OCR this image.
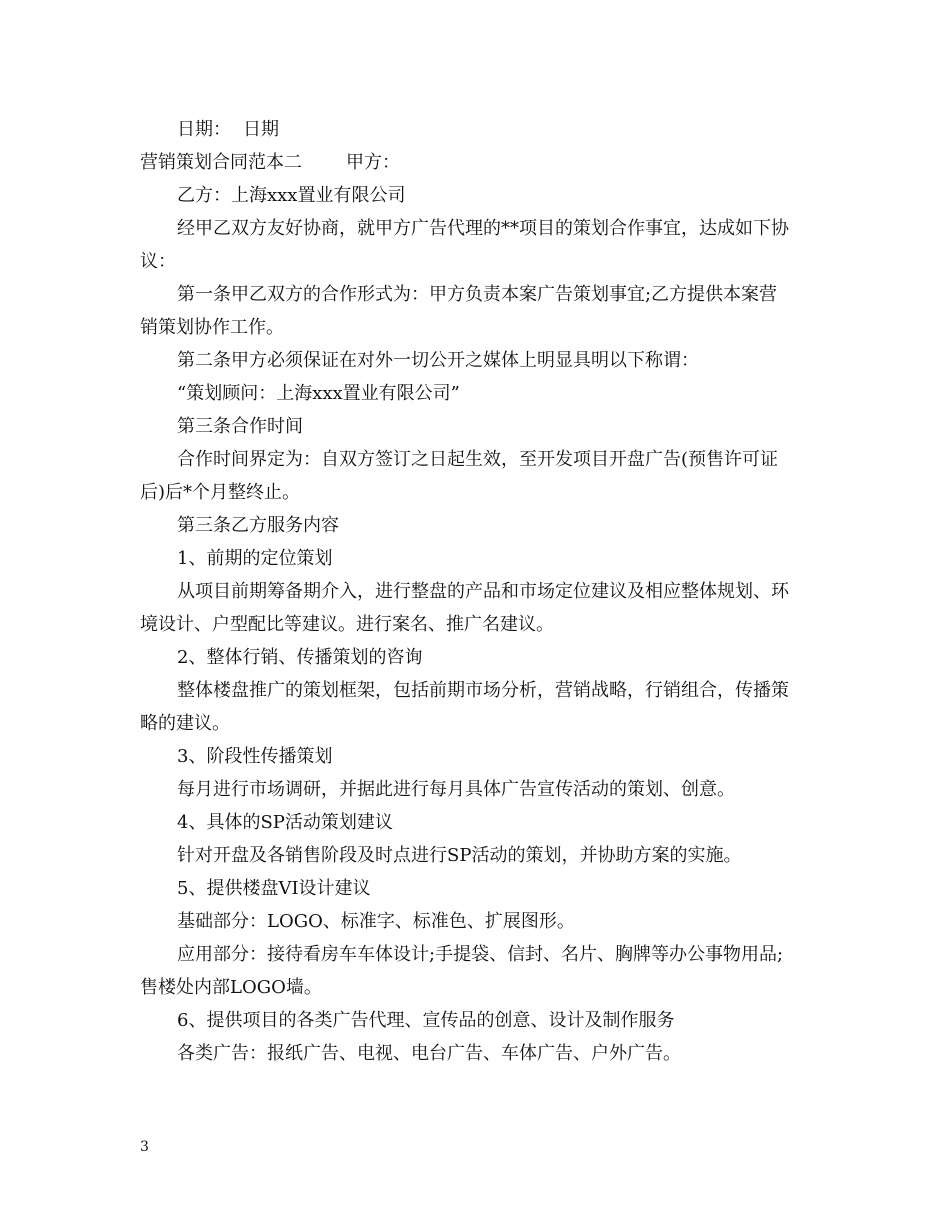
日期： 日期
营销策划合同范本二 甲方：
乙方：上海xxx置业有限公司
经甲乙双方友好协商，就甲方广告代理的**项目的策划合作事宜，达成如下协
议：
第一条甲乙双方的合作形式为：甲方负责本案广告策划事宜;乙方提供本案营
销策划协作工作。
第二条甲方必须保证在对外一切公开之媒体上明显具明以下称谓：
“策划顾问：上海xxx置业有限公司”
第三条合作时间
合作时间界定为：自双方签订之日起生效，至开发项目开盘广告(预售许可证
后)后*个月整终止。
第三条乙方服务内容
1、前期的定位策划
从项目前期筹备期介入，进行整盘的产品和市场定位建议及相应整体规划、环
境设计、户型配比等建议。进行案名、推广名建议。
2、整体行销、传播策划的咨询
整体楼盘推广的策划框架，包括前期市场分析，营销战略，行销组合，传播策
略的建议。
3、阶段性传播策划
每月进行市场调研，并据此进行每月具体广告宣传活动的策划、创意。
4、具体的SP活动策划建议
针对开盘及各销售阶段及时点进行SP活动的策划，并协助方案的实施。
5、提供楼盘VI设计建议
基础部分：LOGO、标准字、标准色、扩展图形。
应用部分：接待看房车车体设计;手提袋、信封、名片、胸牌等办公事物用品;
售楼处内部LOGO墙。
6、提供项目的各类广告代理、宣传品的创意、设计及制作服务
各类广告：报纸广告、电视、电台广告、车体广告、户外广告。
3
